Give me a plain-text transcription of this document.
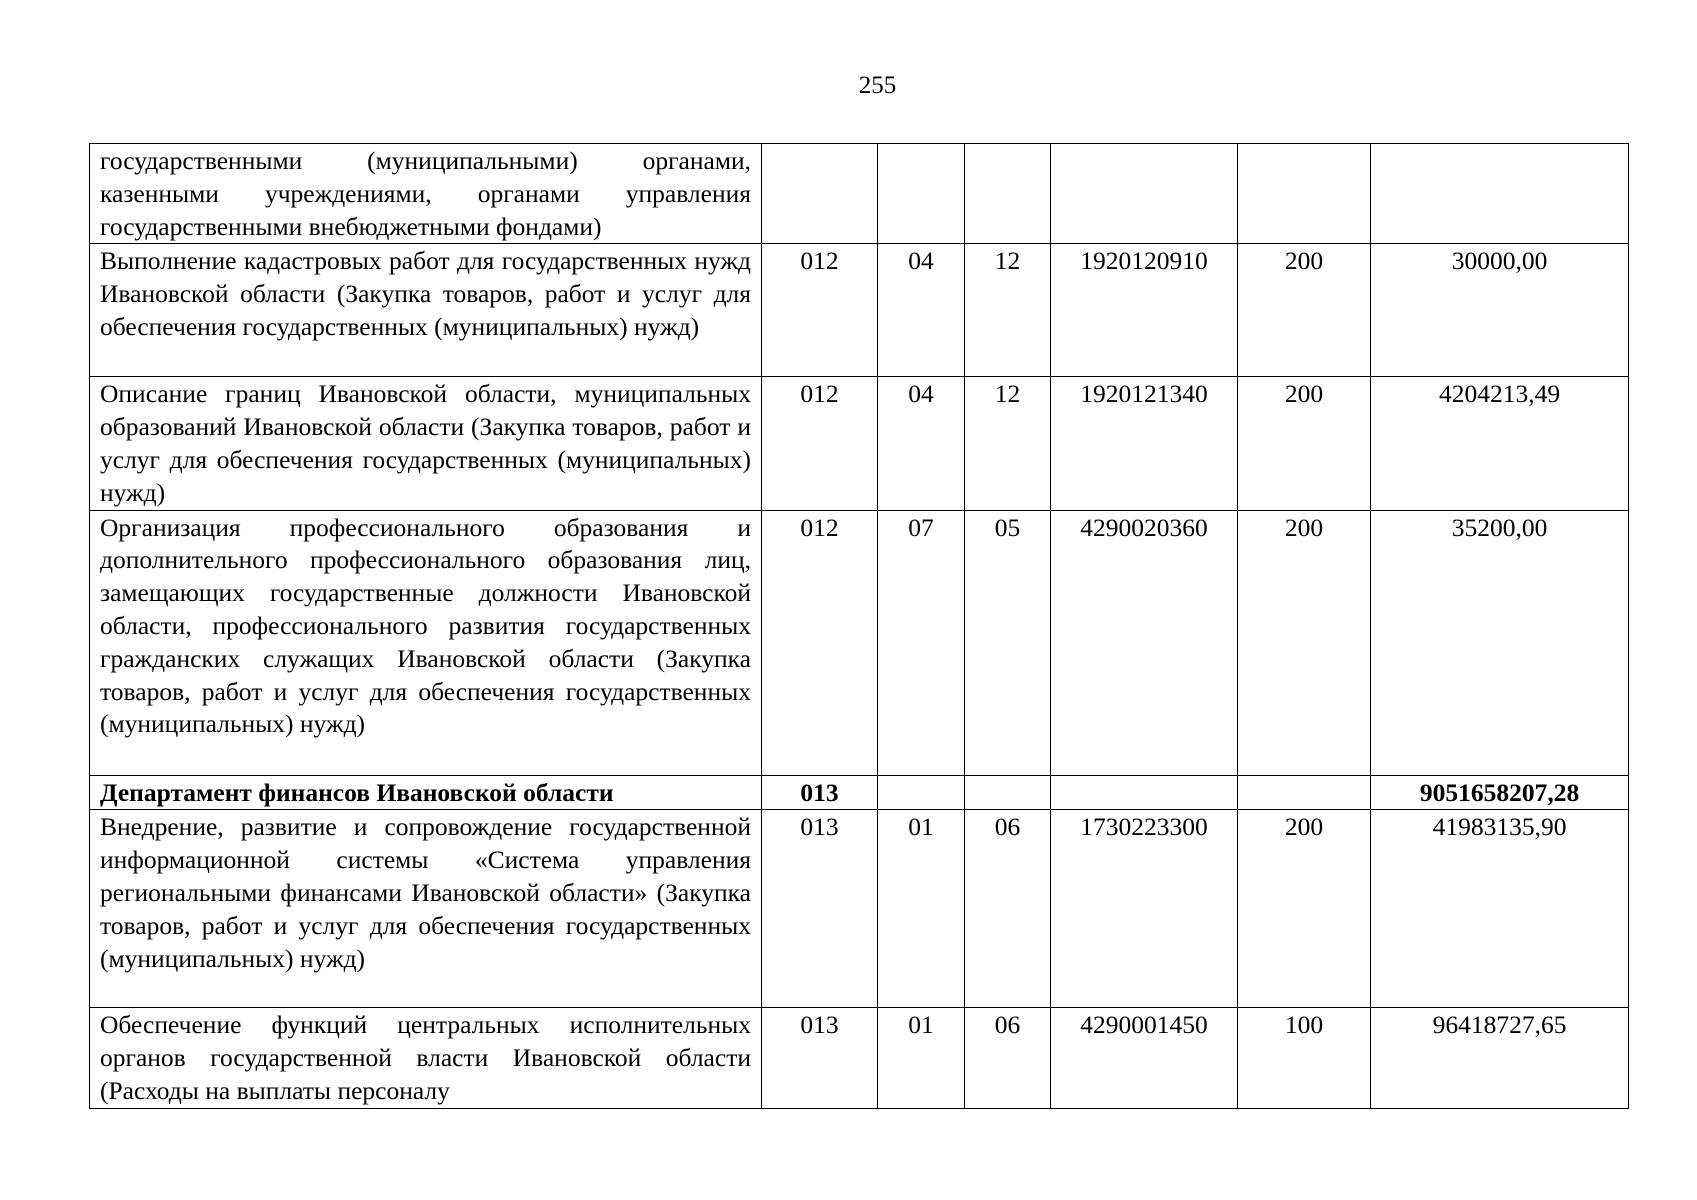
255
государственными (муниципальными) органами, казенными учреждениями, органами управления государственными внебюджетными фондами)						
Выполнение кадастровых работ для государственных нужд Ивановской области (Закупка товаров, работ и услуг для обеспечения государственных (муниципальных) нужд)	012	04	12	1920120910	200	30000,00
Описание границ Ивановской области, муниципальных образований Ивановской области (Закупка товаров, работ и услуг для обеспечения государственных (муниципальных) нужд)	012	04	12	1920121340	200	4204213,49
Организация профессионального образования и дополнительного профессионального образования лиц, замещающих государственные должности Ивановской области, профессионального развития государственных гражданских служащих Ивановской области (Закупка товаров, работ и услуг для обеспечения государственных (муниципальных) нужд)	012	07	05	4290020360	200	35200,00
Департамент финансов Ивановской области	013					9051658207,28
Внедрение, развитие и сопровождение государственной информационной системы «Система управления региональными финансами Ивановской области» (Закупка товаров, работ и услуг для обеспечения государственных (муниципальных) нужд)	013	01	06	1730223300	200	41983135,90
Обеспечение функций центральных исполнительных органов государственной власти Ивановской области (Расходы на выплаты персоналу	013	01	06	4290001450	100	96418727,65
